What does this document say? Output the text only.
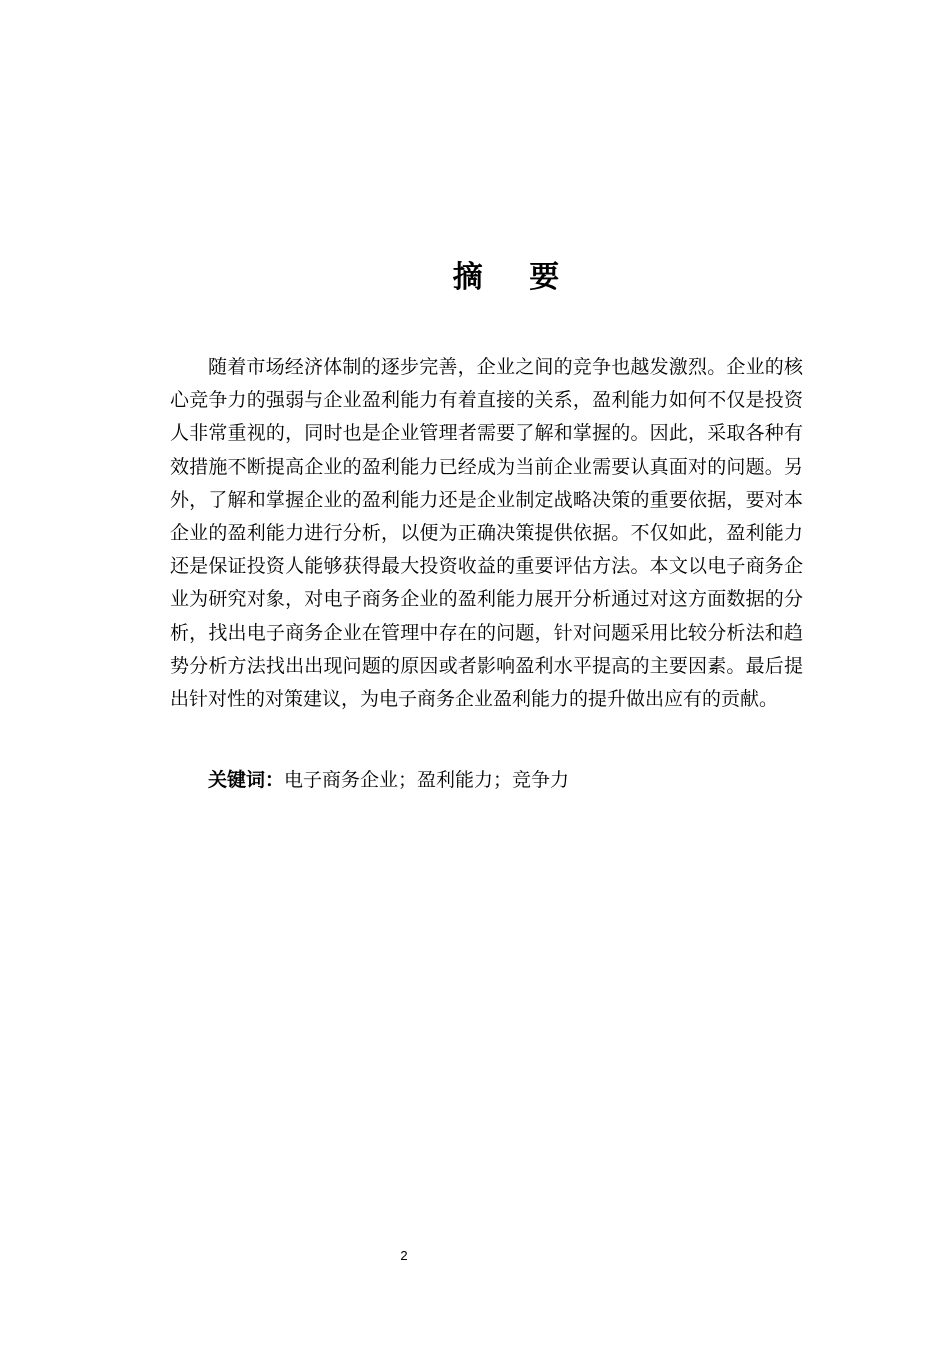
摘 要

随着市场经济体制的逐步完善，企业之间的竞争也越发激烈。企业的核心竞争力的强弱与企业盈利能力有着直接的关系，盈利能力如何不仅是投资人非常重视的，同时也是企业管理者需要了解和掌握的。因此，采取各种有效措施不断提高企业的盈利能力已经成为当前企业需要认真面对的问题。另外，了解和掌握企业的盈利能力还是企业制定战略决策的重要依据，要对本企业的盈利能力进行分析，以便为正确决策提供依据。不仅如此，盈利能力还是保证投资人能够获得最大投资收益的重要评估方法。本文以电子商务企业为研究对象，对电子商务企业的盈利能力展开分析通过对这方面数据的分析，找出电子商务企业在管理中存在的问题，针对问题采用比较分析法和趋势分析方法找出出现问题的原因或者影响盈利水平提高的主要因素。最后提出针对性的对策建议，为电子商务企业盈利能力的提升做出应有的贡献。

关键词：电子商务企业；盈利能力；竞争力

2
